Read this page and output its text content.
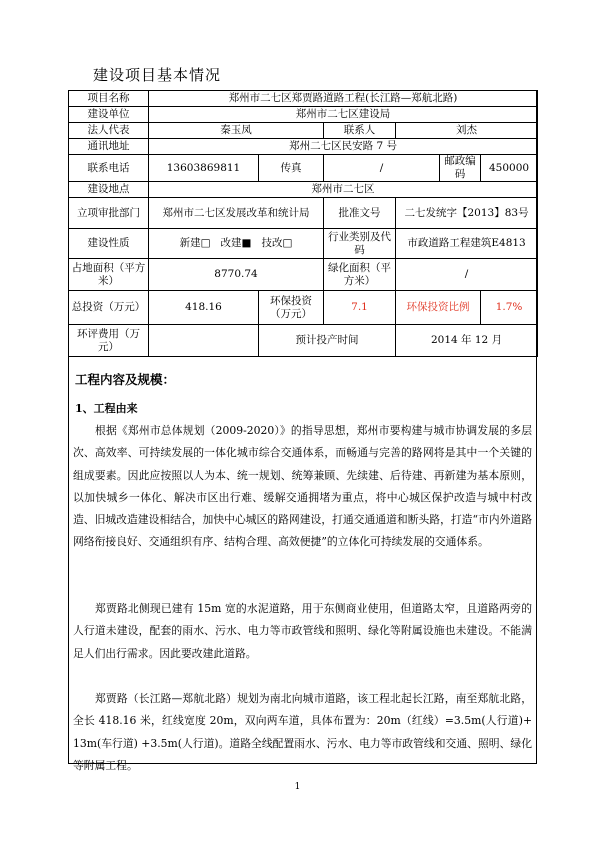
建设项目基本情况
项目名称	郑州市二七区郑贾路道路工程(长江路—郑航北路)					
建设单位	郑州市二七区建设局					
法人代表	秦玉凤		联系人	刘杰		
通讯地址	郑州二七区民安路 7 号					
联系电话	13603869811	传真	/		邮政编码	450000
建设地点	郑州市二七区					
立项审批部门	郑州市二七区发展改革和统计局		批准文号	二七发统字【2013】83号		
建设性质	新建□ 改建■ 技改□		行业类别及代码	市政道路工程建筑E4813		
占地面积（平方米）	8770.74		绿化面积（平方米）	/		
总投资（万元）	418.16	环保投资（万元）	7.1	环保投资比例		1.7%
环评费用（万元）		预计投产时间		2014 年 12 月		
工程内容及规模：
1、工程由来
根据《郑州市总体规划（2009-2020）》的指导思想，郑州市要构建与城市协调发展的多层次、高效率、可持续发展的一体化城市综合交通体系，而畅通与完善的路网将是其中一个关键的组成要素。因此应按照以人为本、统一规划、统筹兼顾、先续建、后待建、再新建为基本原则，以加快城乡一体化、解决市区出行难、缓解交通拥堵为重点，将中心城区保护改造与城中村改造、旧城改造建设相结合，加快中心城区的路网建设，打通交通通道和断头路，打造“市内外道路网络衔接良好、交通组织有序、结构合理、高效便捷”的立体化可持续发展的交通体系。
郑贾路北侧现已建有 15m 宽的水泥道路，用于东侧商业使用，但道路太窄，且道路两旁的人行道未建设，配套的雨水、污水、电力等市政管线和照明、绿化等附属设施也未建设。不能满足人们出行需求。因此要改建此道路。
郑贾路（长江路—郑航北路）规划为南北向城市道路，该工程北起长江路，南至郑航北路，全长 418.16 米，红线宽度 20m，双向两车道，具体布置为：20m（红线）=3.5m(人行道)+ 13m(车行道) +3.5m(人行道)。道路全线配置雨水、污水、电力等市政管线和交通、照明、绿化等附属工程。
1
